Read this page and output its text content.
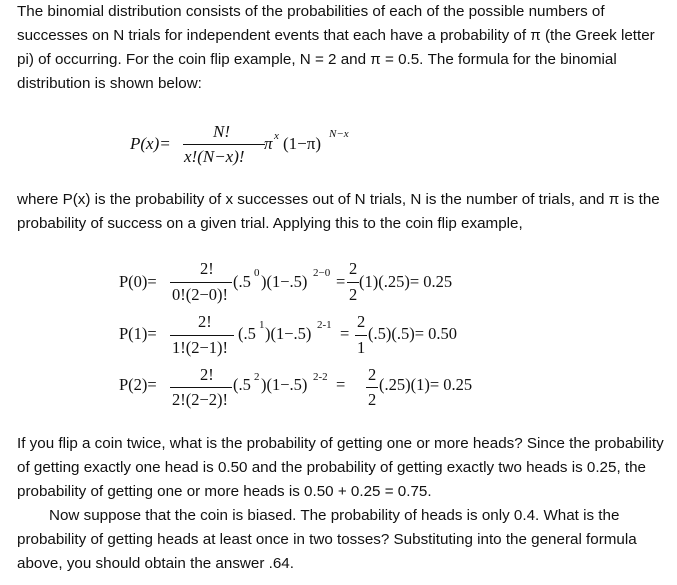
The binomial distribution consists of the probabilities of each of the possible numbers of successes on N trials for independent events that each have a probability of π (the Greek letter pi) of occurring. For the coin flip example, N = 2 and π = 0.5. The formula for the binomial distribution is shown below:

P(x)=
N!
x!(N−x)!
π x (1−π) N−x

where P(x) is the probability of x successes out of N trials, N is the number of trials, and π is the probability of success on a given trial. Applying this to the coin flip example,

P(0)=
2!
0!(2−0)!
(.5 0 )(1−.5) 2−0 =
2
2
(1)(.25)= 0.25
P(1)=
2!
1!(2−1)!
(.5 1 )(1−.5) 2-1 =
2
1
(.5)(.5)= 0.50
P(2)=
2!
2!(2−2)!
(.5 2 )(1−.5) 2-2 =
2
2
(.25)(1)= 0.25
If you flip a coin twice, what is the probability of getting one or more heads? Since the probability of getting exactly one head is 0.50 and the probability of getting exactly two heads is 0.25, the probability of getting one or more heads is 0.50 + 0.25 = 0.75.
Now suppose that the coin is biased. The probability of heads is only 0.4. What is the probability of getting heads at least once in two tosses? Substituting into the general formula above, you should obtain the answer .64.
